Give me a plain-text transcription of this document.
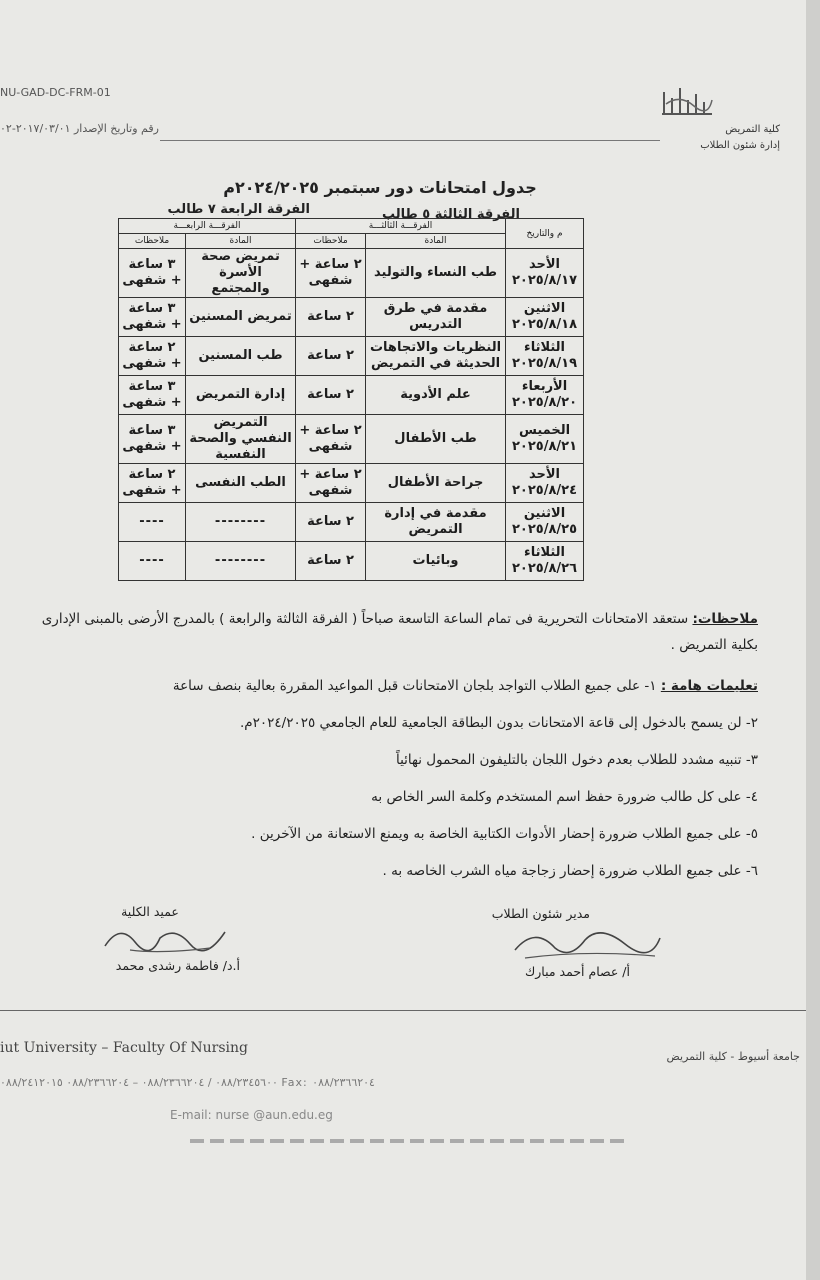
NU-GAD-DC-FRM-01
رقم وتاريخ الإصدار ٢٠١٧/٠٣/٠١-٠٢	كلية التمريض
إدارة شئون الطلاب
جدول امتحانات دور سبتمبر ٢٠٢٤/٢٠٢٥م
الفرقة الثالثة ٥ طالب
الفرقة الرابعة ٧ طالب
م والتاريخ	الفرقـــة الثالثـــة		الفرقـــة الرابعـــة	
	المادة	ملاحظات	المادة	ملاحظات

الأحد
٢٠٢٥/٨/١٧	طب النساء والتوليد	٢ ساعة + شفهى	تمريض صحة الأسرة والمجتمع	٣ ساعة + شفهى

الاثنين
٢٠٢٥/٨/١٨	مقدمة في طرق التدريس	٢ ساعة	تمريض المسنين	٣ ساعة + شفهى

الثلاثاء
٢٠٢٥/٨/١٩	النظريات والاتجاهات الحديثة في التمريض	٢ ساعة	طب المسنين	٢ ساعة + شفهى

الأربعاء
٢٠٢٥/٨/٢٠	علم الأدوية	٢ ساعة	إدارة التمريض	٣ ساعة + شفهى

الخميس
٢٠٢٥/٨/٢١	طب الأطفال	٢ ساعة + شفهى	التمريض النفسي والصحة النفسية	٣ ساعة + شفهى

الأحد
٢٠٢٥/٨/٢٤	جراحة الأطفال	٢ ساعة + شفهى	الطب النفسى	٢ ساعة + شفهى

الاثنين
٢٠٢٥/٨/٢٥	مقدمة في إدارة التمريض	٢ ساعة	--------	----

الثلاثاء
٢٠٢٥/٨/٢٦	وبائيات	٢ ساعة	--------	----
ملاحظات: ستعقد الامتحانات التحريرية فى تمام الساعة التاسعة صباحاً ( الفرقة الثالثة والرابعة ) بالمدرج الأرضى بالمبنى الإدارى بكلية التمريض .

تعليمات هامة : ١- على جميع الطلاب التواجد بلجان الامتحانات قبل المواعيد المقررة بعالية بنصف ساعة

٢- لن يسمح بالدخول إلى قاعة الامتحانات بدون البطاقة الجامعية للعام الجامعي ٢٠٢٤/٢٠٢٥م.

٣- تنبيه مشدد للطلاب بعدم دخول اللجان بالتليفون المحمول نهائياً

٤- على كل طالب ضرورة حفظ اسم المستخدم وكلمة السر الخاص به

٥- على جميع الطلاب ضرورة إحضار الأدوات الكتابية الخاصة به ويمنع الاستعانة من الآخرين .

٦- على جميع الطلاب ضرورة إحضار زجاجة مياه الشرب الخاصه به .

عميد الكلية
أ.د/ فاطمة رشدى محمد
مدير شئون الطلاب
أ/ عصام أحمد مبارك
iut University – Faculty Of Nursing
جامعة أسيوط - كلية التمريض
٠٨٨/٢٣٤٥٦٠٠ / ٠٨٨/٢٣٦٦٢٠٤ – ٠٨٨/٢٣٦٦٢٠٤ ٠٨٨/٢٤١٢٠١٥ Fax: ٠٨٨/٢٣٦٦٢٠٤
E-mail: nurse @aun.edu.eg
